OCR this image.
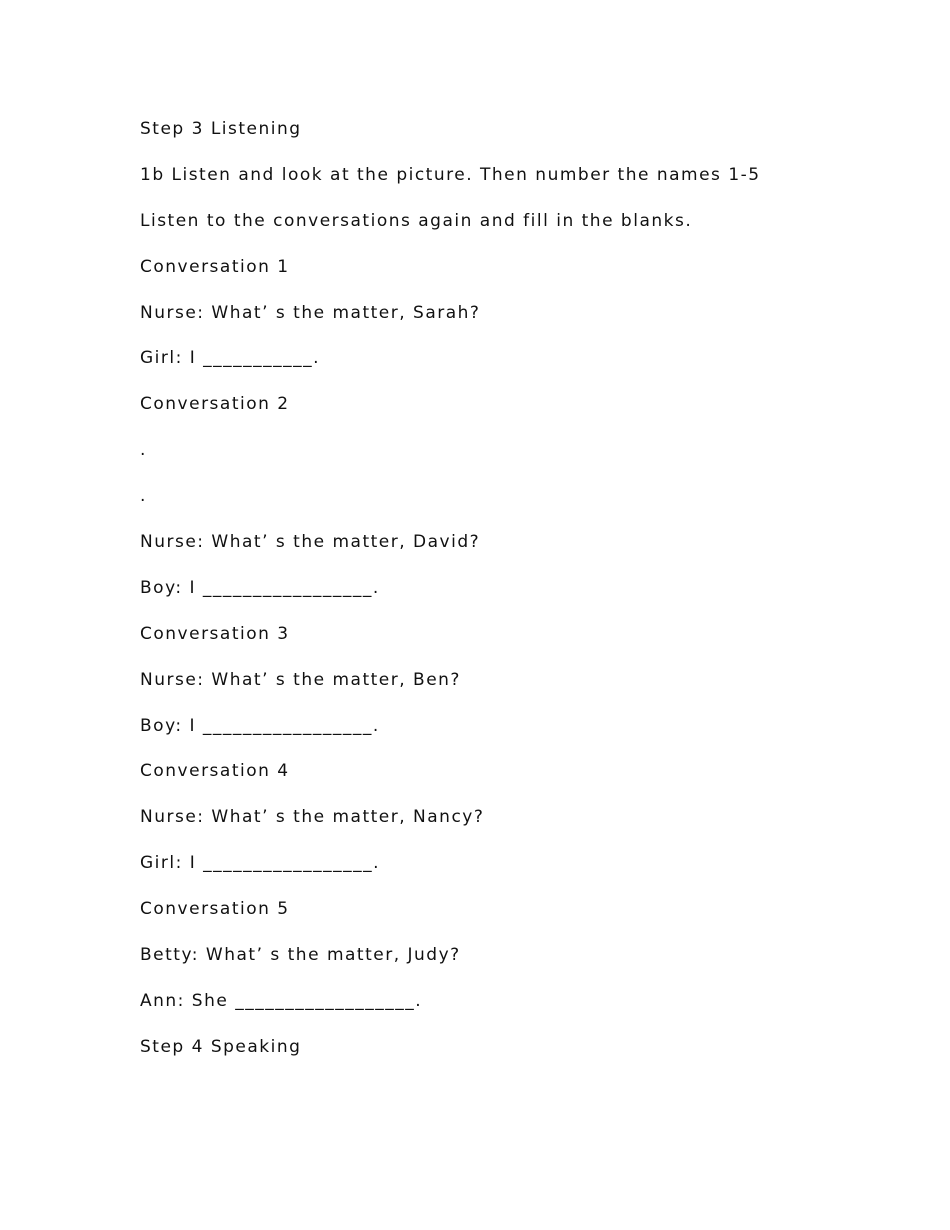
Step 3 Listening
1b Listen and look at the picture. Then number the names 1-5
Listen to the conversations again and fill in the blanks.
Conversation 1
Nurse: What’ s the matter, Sarah?
Girl: I ___________.
Conversation 2
.
.
Nurse: What’ s the matter, David?
Boy: I _________________.
Conversation 3
Nurse: What’ s the matter, Ben?
Boy: I _________________.
Conversation 4
Nurse: What’ s the matter, Nancy?
Girl: I _________________.
Conversation 5
Betty: What’ s the matter, Judy?
Ann: She __________________.
Step 4 Speaking
